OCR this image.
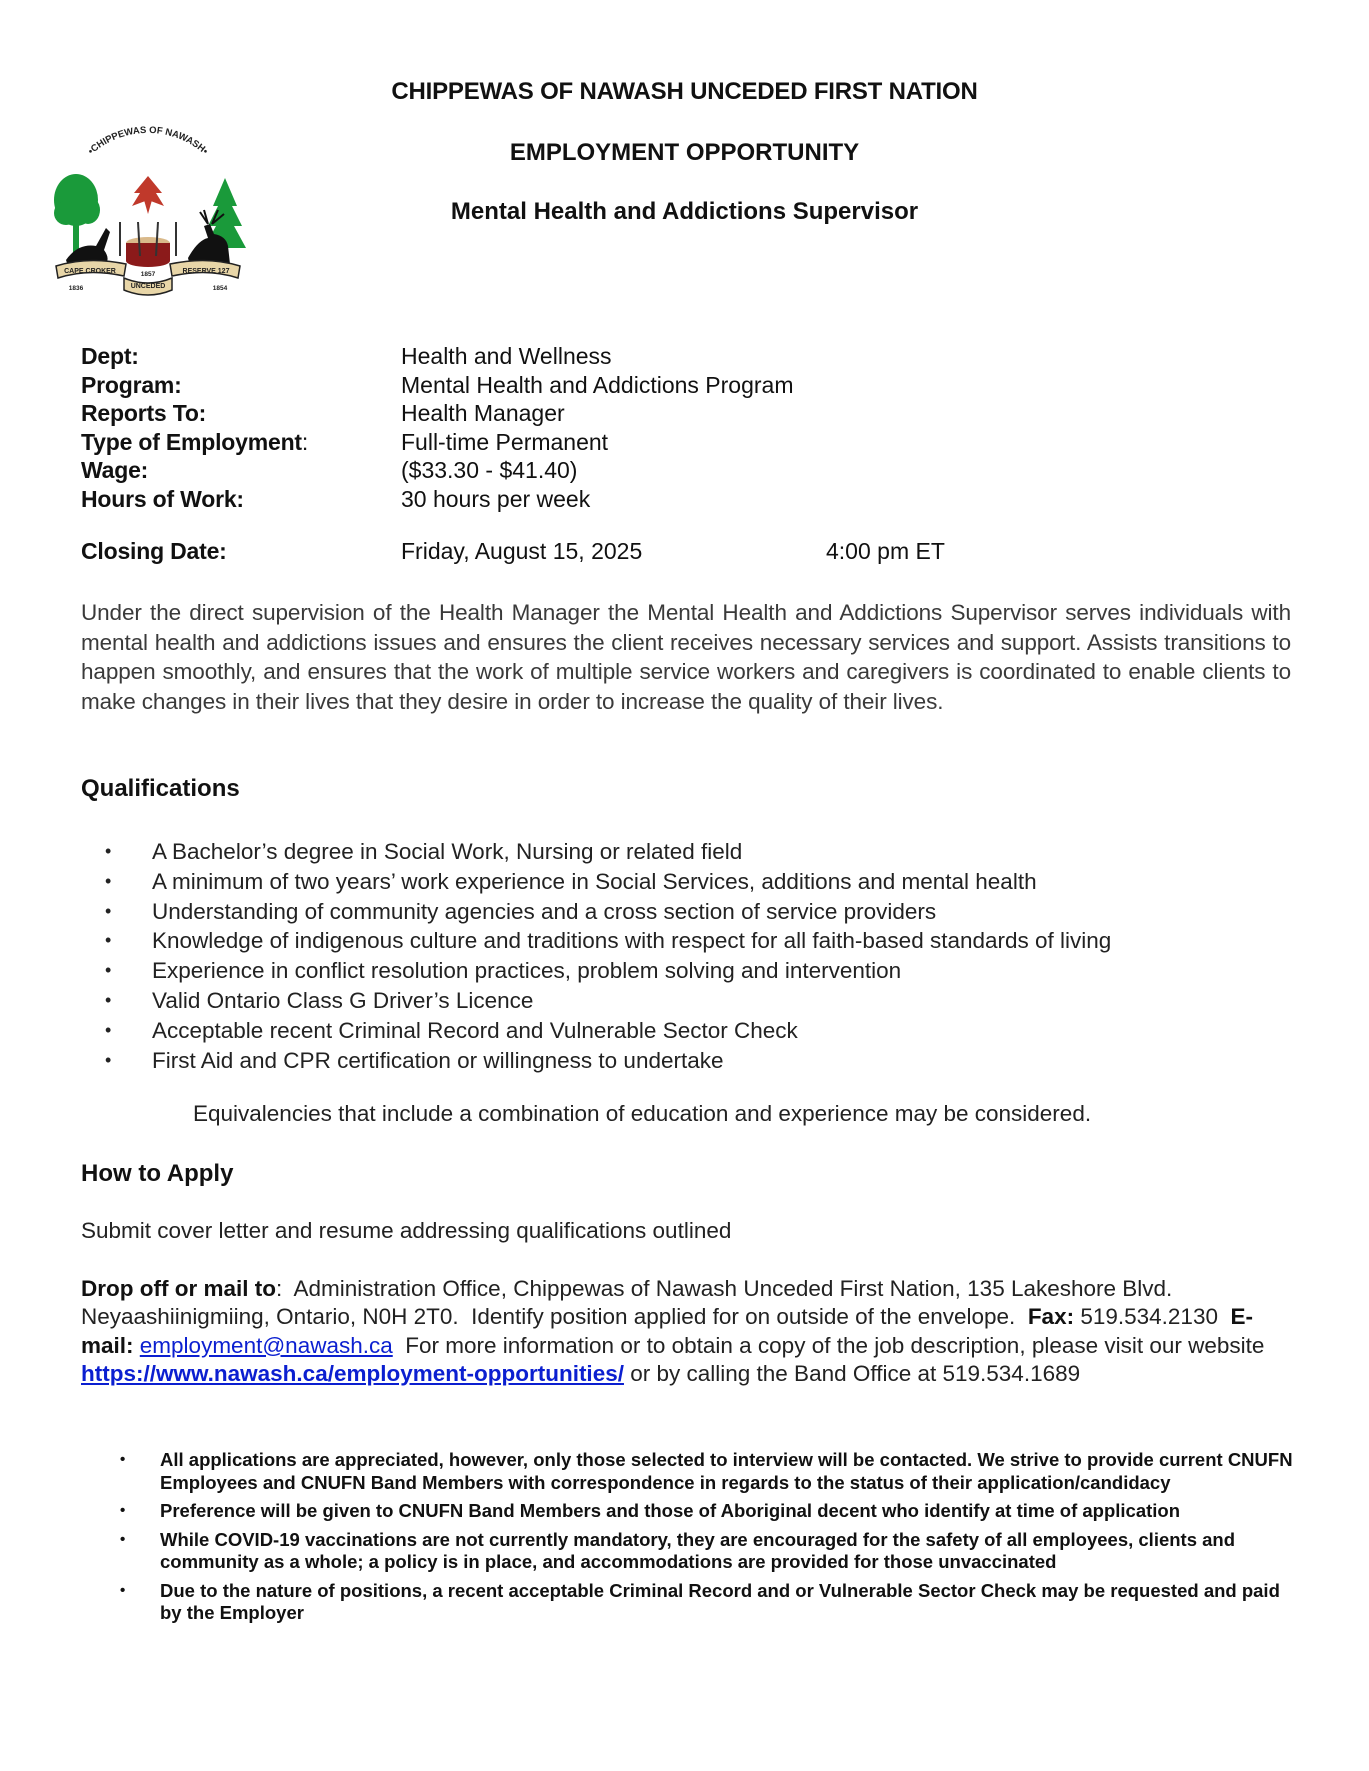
•CHIPPEWAS OF NAWASH•
CAPE CROKER	RESERVE 127
UNCEDED
1836
1857
1854
CHIPPEWAS OF NAWASH UNCEDED FIRST NATION
EMPLOYMENT OPPORTUNITY
Mental Health and Addictions Supervisor
Dept:	Health and Wellness
Program:	Mental Health and Addictions Program
Reports To:	Health Manager
Type of Employment:	Full-time Permanent
Wage:	($33.30 - $41.40)
Hours of Work:	30 hours per week
Closing Date:	Friday, August 15, 2025	4:00 pm ET
Under the direct supervision of the Health Manager the Mental Health and Addictions Supervisor serves individuals with mental health and addictions issues and ensures the client receives necessary services and support. Assists transitions to happen smoothly, and ensures that the work of multiple service workers and caregivers is coordinated to enable clients to make changes in their lives that they desire in order to increase the quality of their lives.
Qualifications
•	A Bachelor’s degree in Social Work, Nursing or related field
•	A minimum of two years’ work experience in Social Services, additions and mental health
•	Understanding of community agencies and a cross section of service providers
•	Knowledge of indigenous culture and traditions with respect for all faith-based standards of living
•	Experience in conflict resolution practices, problem solving and intervention
•	Valid Ontario Class G Driver’s Licence
•	Acceptable recent Criminal Record and Vulnerable Sector Check
•	First Aid and CPR certification or willingness to undertake
Equivalencies that include a combination of education and experience may be considered.
How to Apply
Submit cover letter and resume addressing qualifications outlined
Drop off or mail to:  Administration Office, Chippewas of Nawash Unceded First Nation, 135 Lakeshore Blvd. Neyaashiinigmiing, Ontario, N0H 2T0.  Identify position applied for on outside of the envelope.  Fax: 519.534.2130  E-mail: employment@nawash.ca  For more information or to obtain a copy of the job description, please visit our website https://www.nawash.ca/employment-opportunities/ or by calling the Band Office at 519.534.1689
•	All applications are appreciated, however, only those selected to interview will be contacted. We strive to provide current CNUFN Employees and CNUFN Band Members with correspondence in regards to the status of their application/candidacy
•	Preference will be given to CNUFN Band Members and those of Aboriginal decent who identify at time of application
•	While COVID-19 vaccinations are not currently mandatory, they are encouraged for the safety of all employees, clients and community as a whole; a policy is in place, and accommodations are provided for those unvaccinated
•	Due to the nature of positions, a recent acceptable Criminal Record and or Vulnerable Sector Check may be requested and paid by the Employer
